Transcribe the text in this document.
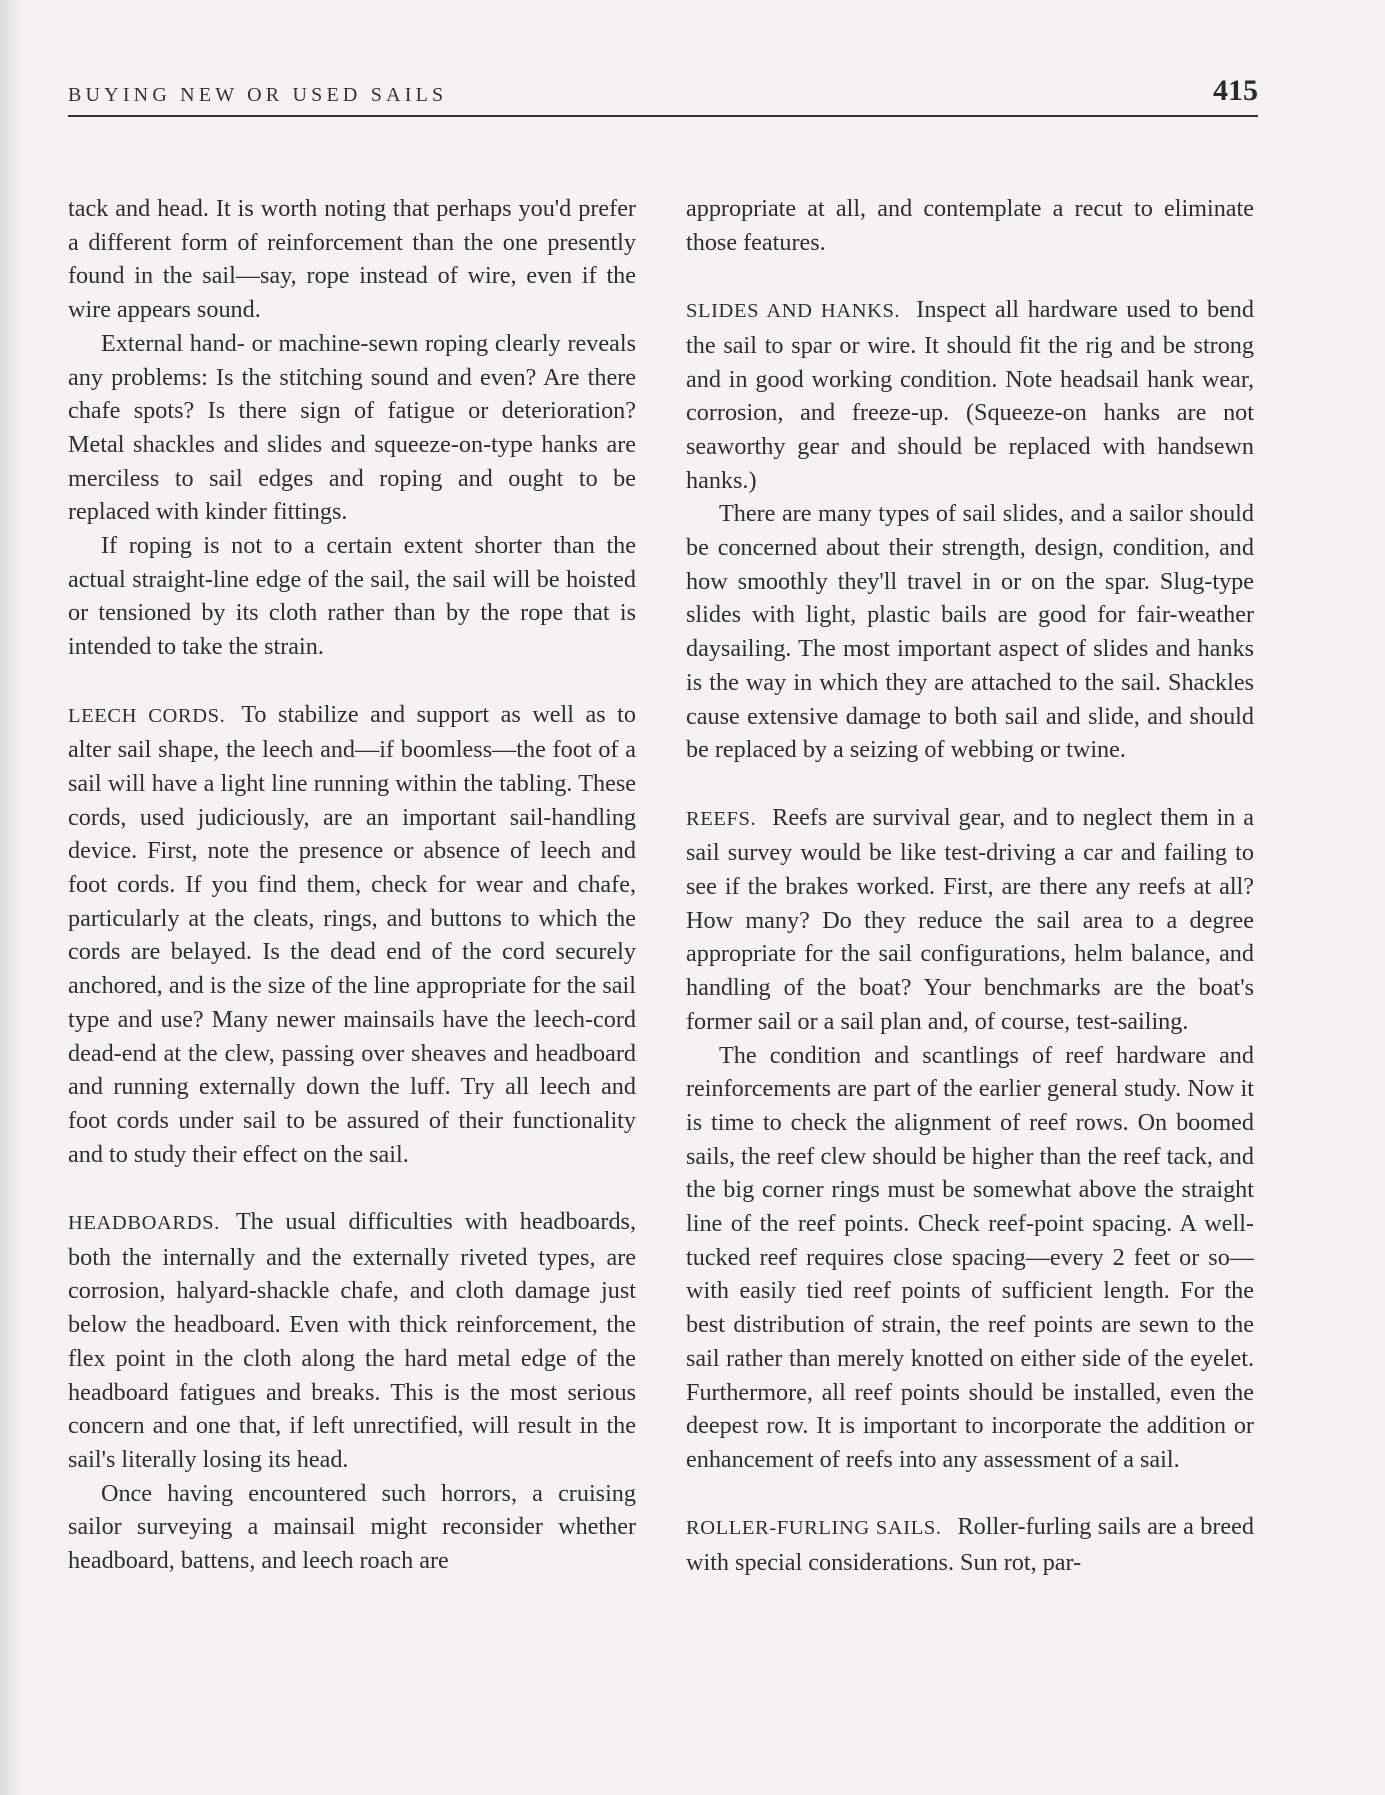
BUYING NEW OR USED SAILS	415

tack and head. It is worth noting that perhaps you'd prefer a different form of reinforcement than the one presently found in the sail—say, rope instead of wire, even if the wire appears sound.

External hand- or machine-sewn roping clearly reveals any problems: Is the stitching sound and even? Are there chafe spots? Is there sign of fatigue or deterioration? Metal shackles and slides and squeeze-on-type hanks are merciless to sail edges and roping and ought to be replaced with kinder fittings.

If roping is not to a certain extent shorter than the actual straight-line edge of the sail, the sail will be hoisted or tensioned by its cloth rather than by the rope that is intended to take the strain.

LEECH CORDS. To stabilize and support as well as to alter sail shape, the leech and—if boomless—the foot of a sail will have a light line running within the tabling. These cords, used judiciously, are an important sail-handling device. First, note the presence or absence of leech and foot cords. If you find them, check for wear and chafe, particularly at the cleats, rings, and buttons to which the cords are belayed. Is the dead end of the cord securely anchored, and is the size of the line appropriate for the sail type and use? Many newer mainsails have the leech-cord dead-end at the clew, passing over sheaves and headboard and running externally down the luff. Try all leech and foot cords under sail to be assured of their functionality and to study their effect on the sail.

HEADBOARDS. The usual difficulties with headboards, both the internally and the externally riveted types, are corrosion, halyard-shackle chafe, and cloth damage just below the headboard. Even with thick reinforcement, the flex point in the cloth along the hard metal edge of the headboard fatigues and breaks. This is the most serious concern and one that, if left unrectified, will result in the sail's literally losing its head.

Once having encountered such horrors, a cruising sailor surveying a mainsail might reconsider whether headboard, battens, and leech roach are

appropriate at all, and contemplate a recut to eliminate those features.

SLIDES AND HANKS. Inspect all hardware used to bend the sail to spar or wire. It should fit the rig and be strong and in good working condition. Note headsail hank wear, corrosion, and freeze-up. (Squeeze-on hanks are not seaworthy gear and should be replaced with handsewn hanks.)

There are many types of sail slides, and a sailor should be concerned about their strength, design, condition, and how smoothly they'll travel in or on the spar. Slug-type slides with light, plastic bails are good for fair-weather daysailing. The most important aspect of slides and hanks is the way in which they are attached to the sail. Shackles cause extensive damage to both sail and slide, and should be replaced by a seizing of webbing or twine.

REEFS. Reefs are survival gear, and to neglect them in a sail survey would be like test-driving a car and failing to see if the brakes worked. First, are there any reefs at all? How many? Do they reduce the sail area to a degree appropriate for the sail configurations, helm balance, and handling of the boat? Your benchmarks are the boat's former sail or a sail plan and, of course, test-sailing.

The condition and scantlings of reef hardware and reinforcements are part of the earlier general study. Now it is time to check the alignment of reef rows. On boomed sails, the reef clew should be higher than the reef tack, and the big corner rings must be somewhat above the straight line of the reef points. Check reef-point spacing. A well-tucked reef requires close spacing—every 2 feet or so—with easily tied reef points of sufficient length. For the best distribution of strain, the reef points are sewn to the sail rather than merely knotted on either side of the eyelet. Furthermore, all reef points should be installed, even the deepest row. It is important to incorporate the addition or enhancement of reefs into any assessment of a sail.

ROLLER-FURLING SAILS. Roller-furling sails are a breed with special considerations. Sun rot, par-
